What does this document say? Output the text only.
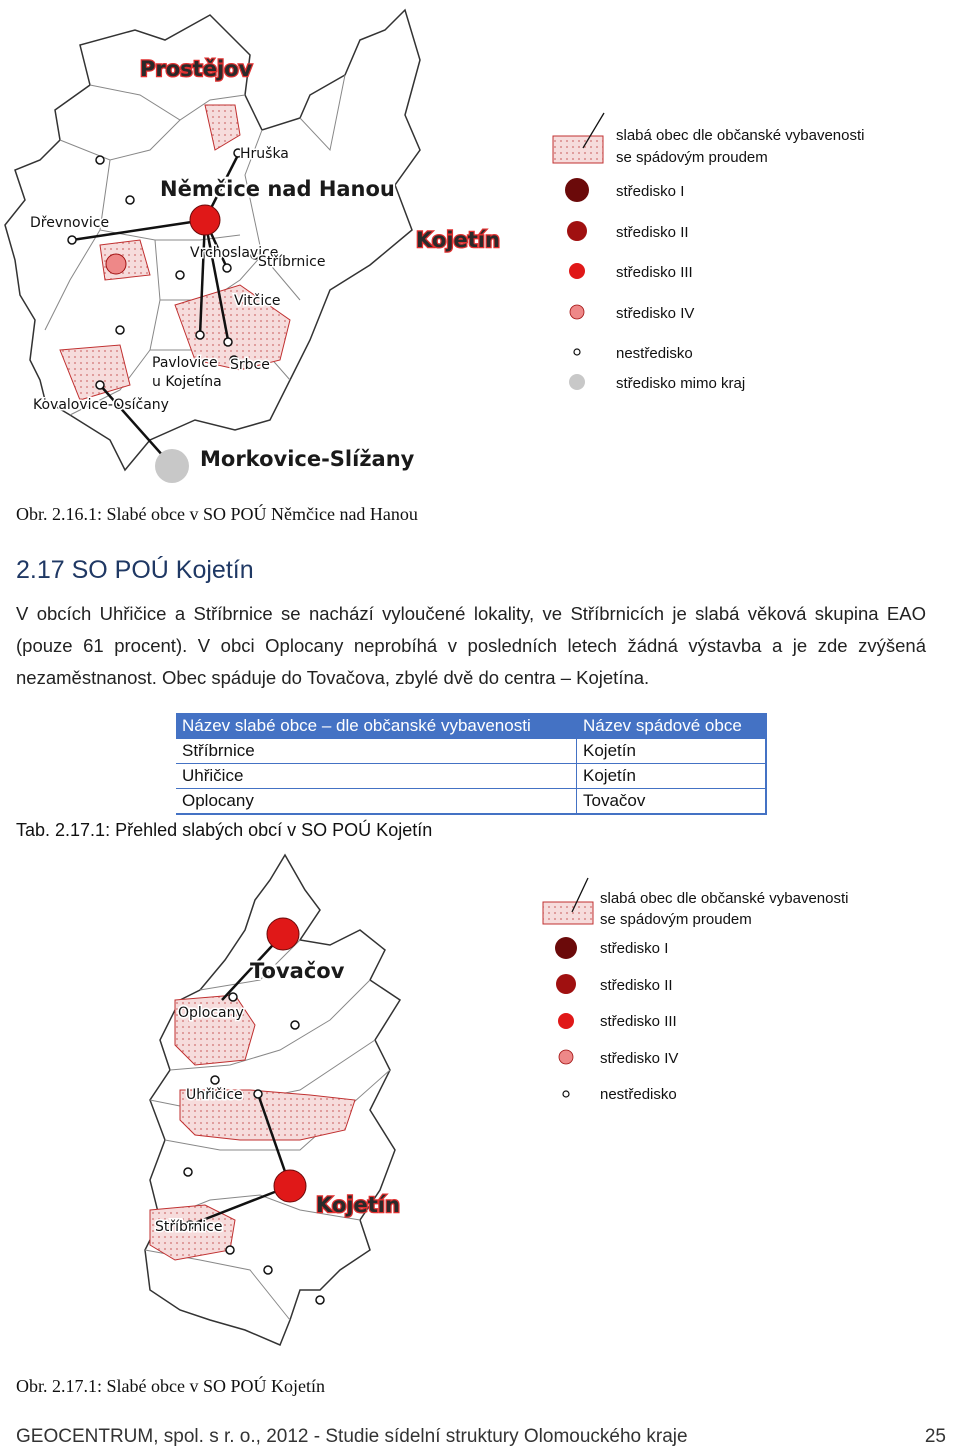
Prostějov
Němčice nad Hanou
Kojetín
Hruška
Dřevnovice
Vrchoslavice
Stříbrnice
Vitčice
Pavlovice
u Kojetína
Srbce
Kovalovice-Osíčany
Morkovice-Slížany
slabá obec dle občanské vybavenosti
se spádovým proudem
středisko I
středisko II
středisko III
středisko IV
nestředisko
středisko mimo kraj
Obr. 2.16.1: Slabé obce v SO POÚ Němčice nad Hanou
2.17 SO POÚ Kojetín

V obcích Uhřičice a Stříbrnice se nachází vyloučené lokality, ve Stříbrnicích je slabá věková skupina EAO (pouze 61 procent). V obci Oplocany neprobíhá v posledních letech žádná výstavba a je zde zvýšená nezaměstnanost. Obec spáduje do Tovačova, zbylé dvě do centra – Kojetína.

Název slabé obce – dle občanské vybavenosti	Název spádové obce
Stříbrnice	Kojetín
Uhřičice	Kojetín
Oplocany	Tovačov
Tab. 2.17.1: Přehled slabých obcí v SO POÚ Kojetín
Tovačov
Oplocany
Uhřičice
Kojetín
Stříbrnice
slabá obec dle občanské vybavenosti
se spádovým proudem
středisko I
středisko II
středisko III
středisko IV
nestředisko
Obr. 2.17.1: Slabé obce v SO POÚ Kojetín
GEOCENTRUM, spol. s r. o., 2012 - Studie sídelní struktury Olomouckého kraje	25
